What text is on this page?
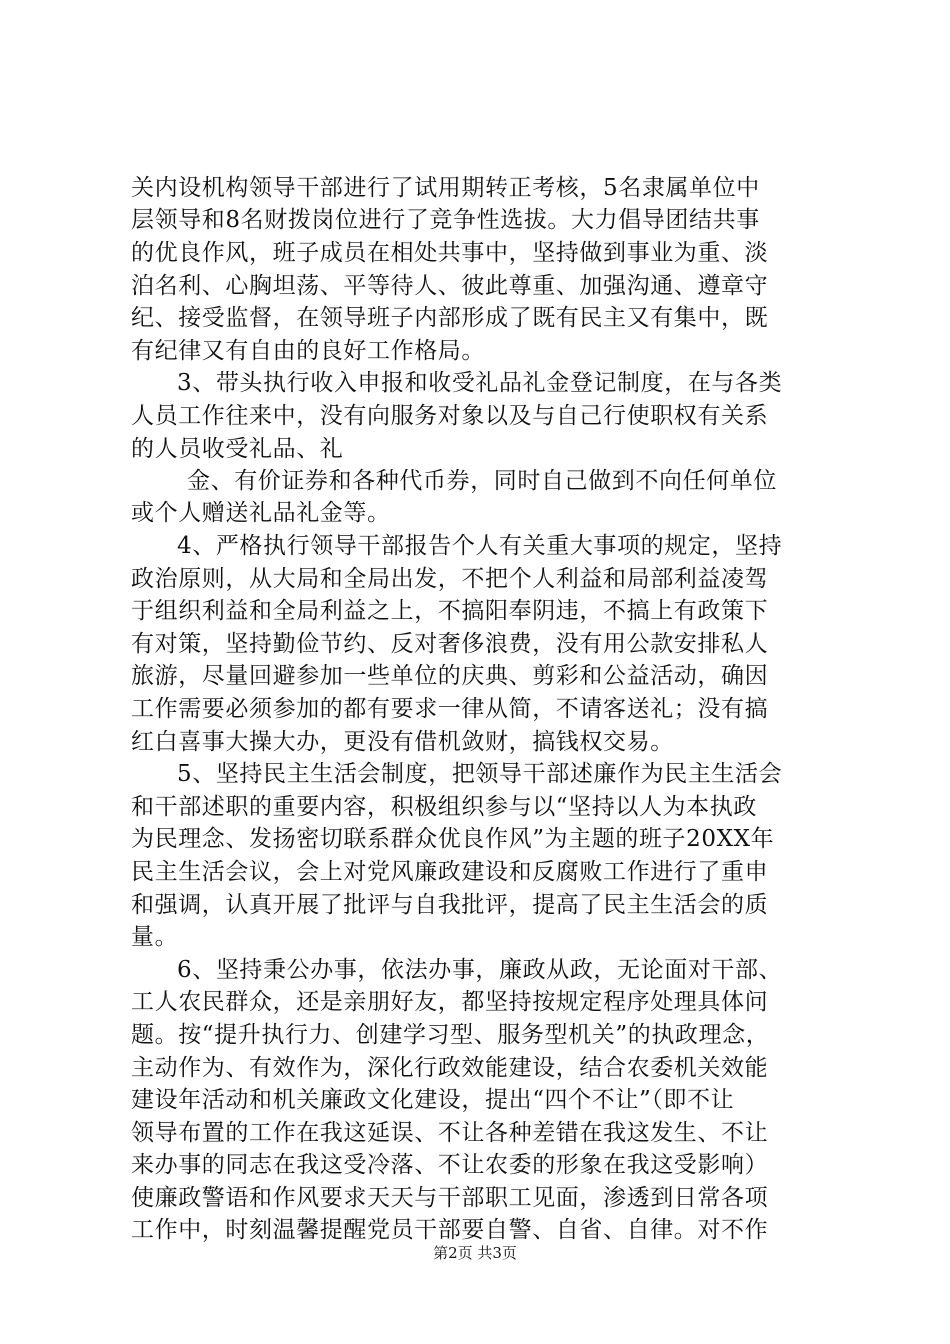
关内设机构领导干部进行了试用期转正考核，5名隶属单位中
层领导和8名财拨岗位进行了竞争性选拔。大力倡导团结共事
的优良作风，班子成员在相处共事中，坚持做到事业为重、淡
泊名利、心胸坦荡、平等待人、彼此尊重、加强沟通、遵章守
纪、接受监督，在领导班子内部形成了既有民主又有集中，既
有纪律又有自由的良好工作格局。
3、带头执行收入申报和收受礼品礼金登记制度，在与各类
人员工作往来中，没有向服务对象以及与自己行使职权有关系
的人员收受礼品、礼
金、有价证券和各种代币券，同时自己做到不向任何单位
或个人赠送礼品礼金等。
4、严格执行领导干部报告个人有关重大事项的规定，坚持
政治原则，从大局和全局出发，不把个人利益和局部利益凌驾
于组织利益和全局利益之上，不搞阳奉阴违，不搞上有政策下
有对策，坚持勤俭节约、反对奢侈浪费，没有用公款安排私人
旅游，尽量回避参加一些单位的庆典、剪彩和公益活动，确因
工作需要必须参加的都有要求一律从简，不请客送礼；没有搞
红白喜事大操大办，更没有借机敛财，搞钱权交易。
5、坚持民主生活会制度，把领导干部述廉作为民主生活会
和干部述职的重要内容，积极组织参与以“坚持以人为本执政
为民理念、发扬密切联系群众优良作风”为主题的班子20XX年
民主生活会议，会上对党风廉政建设和反腐败工作进行了重申
和强调，认真开展了批评与自我批评，提高了民主生活会的质
量。
6、坚持秉公办事，依法办事，廉政从政，无论面对干部、
工人农民群众，还是亲朋好友，都坚持按规定程序处理具体问
题。按“提升执行力、创建学习型、服务型机关”的执政理念，
主动作为、有效作为，深化行政效能建设，结合农委机关效能
建设年活动和机关廉政文化建设，提出“四个不让”（即不让
领导布置的工作在我这延误、不让各种差错在我这发生、不让
来办事的同志在我这受冷落、不让农委的形象在我这受影响）
使廉政警语和作风要求天天与干部职工见面，渗透到日常各项
工作中，时刻温馨提醒党员干部要自警、自省、自律。对不作
第2页 共3页
